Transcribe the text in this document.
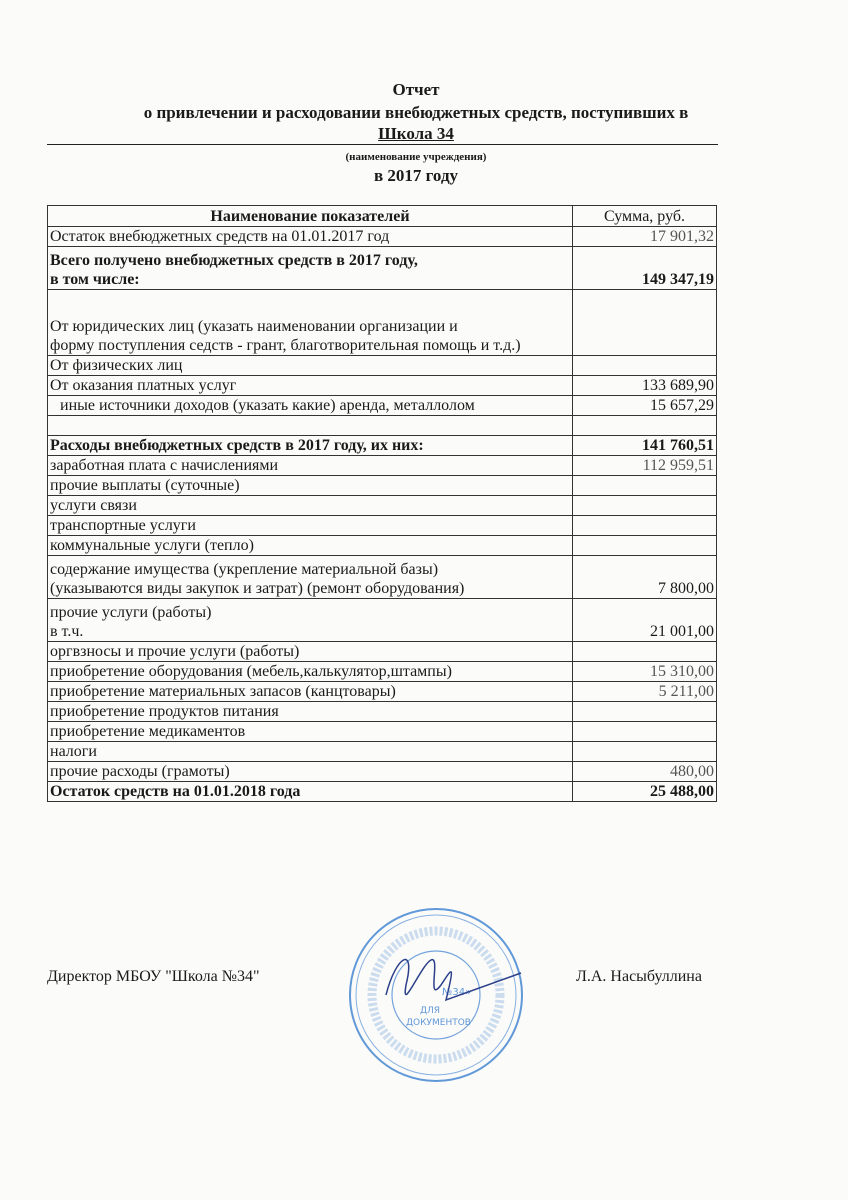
Отчет
о привлечении и расходовании внебюджетных средств, поступивших в
Школа 34
(наименование учреждения)
в 2017 году
Наименование показателей	Сумма, руб.
Остаток внебюджетных средств на 01.01.2017 год	17 901,32

Всего получено внебюджетных средств в 2017 году,
в том числе:	149 347,19

От юридических лиц (указать наименовании организации и
форму поступления седств - грант, благотворительная помощь и т.д.)	

От физических лиц	
От оказания платных услуг	133 689,90
иные источники доходов (указать какие) аренда, металлолом	15 657,29

Расходы внебюджетных средств в 2017 году, их них:	141 760,51
заработная плата с начислениями	112 959,51
прочие выплаты (суточные)	
услуги связи	
транспортные услуги	
коммунальные услуги (тепло)	

содержание имущества (укрепление материальной базы)
(указываются виды закупок и затрат) (ремонт оборудования)	7 800,00

прочие услуги (работы)
в т.ч.	21 001,00
оргвзносы и прочие услуги (работы)	
приобретение оборудования (мебель,калькулятор,штампы)	15 310,00
приобретение материальных запасов (канцтовары)	5 211,00
приобретение продуктов питания	
приобретение медикаментов	
налоги	
прочие расходы (грамоты)	480,00
Остаток средств на 01.01.2018 года	25 488,00
Директор МБОУ "Школа №34"	Л.А. Насыбуллина
№34»
ДЛЯ
ДОКУМЕНТОВ
